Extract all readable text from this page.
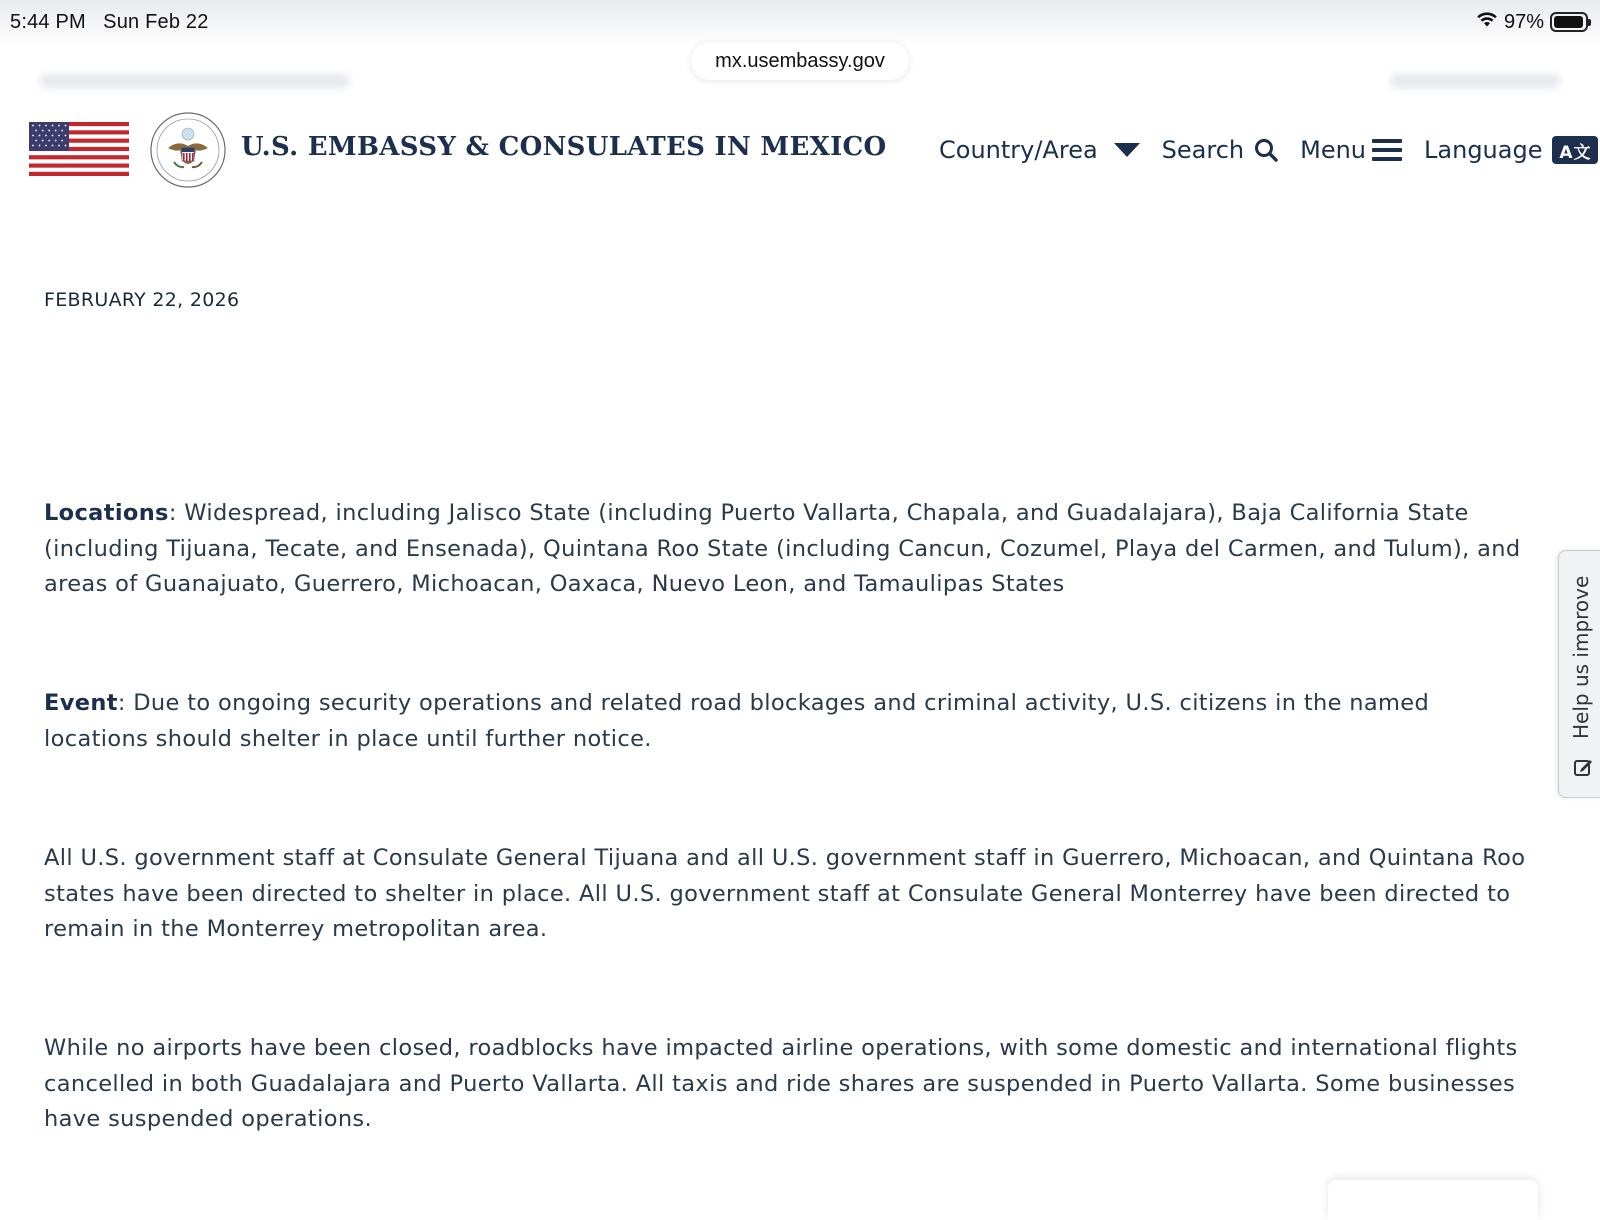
5:44 PM Sun Feb 22	97%
mx.usembassy.gov
U.S. EMBASSY & CONSULATES IN MEXICO Country/Area	Search Menu Language A文
FEBRUARY 22, 2026
Locations: Widespread, including Jalisco State (including Puerto Vallarta, Chapala, and Guadalajara), Baja California State
(including Tijuana, Tecate, and Ensenada), Quintana Roo State (including Cancun, Cozumel, Playa del Carmen, and Tulum), and
areas of Guanajuato, Guerrero, Michoacan, Oaxaca, Nuevo Leon, and Tamaulipas States
Event: Due to ongoing security operations and related road blockages and criminal activity, U.S. citizens in the named
locations should shelter in place until further notice.
All U.S. government staff at Consulate General Tijuana and all U.S. government staff in Guerrero, Michoacan, and Quintana Roo
states have been directed to shelter in place. All U.S. government staff at Consulate General Monterrey have been directed to
remain in the Monterrey metropolitan area.
While no airports have been closed, roadblocks have impacted airline operations, with some domestic and international flights
cancelled in both Guadalajara and Puerto Vallarta. All taxis and ride shares are suspended in Puerto Vallarta. Some businesses
have suspended operations.
Help us improve
